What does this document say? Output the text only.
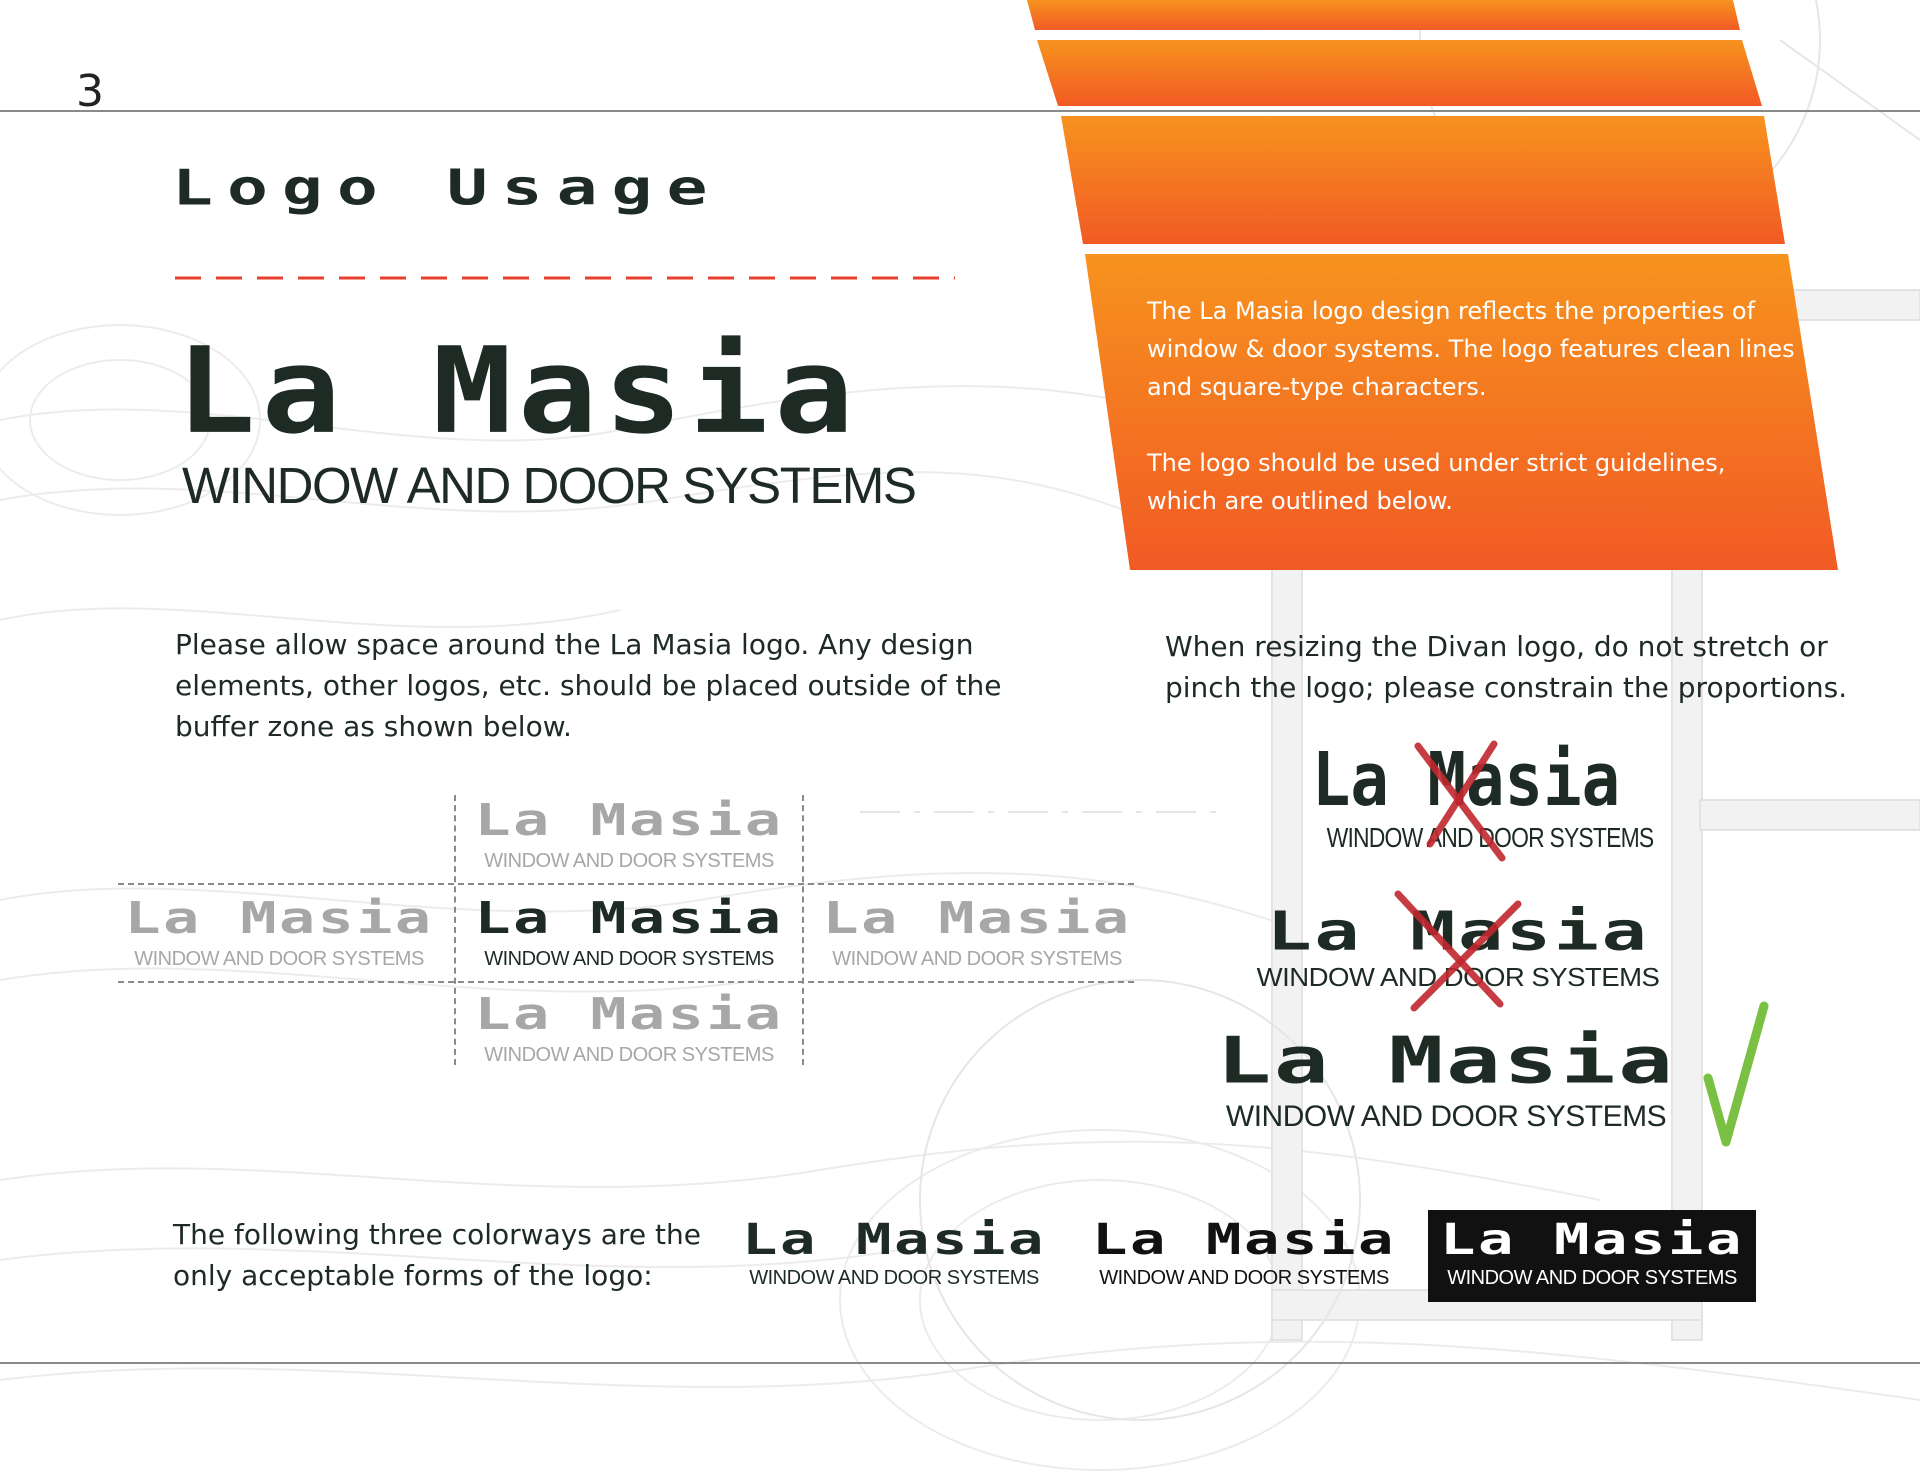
3
Logo Usage
La Masia
WINDOW AND DOOR SYSTEMS
The La Masia logo design reflects the properties of window & door systems. The logo features clean lines and square-type characters.
The logo should be used under strict guidelines, which are outlined below.
Please allow space around the La Masia logo. Any design elements, other logos, etc. should be placed outside of the buffer zone as shown below.
When resizing the Divan logo, do not stretch or pinch the logo; please constrain the proportions.
The following three colorways are the only acceptable forms of the logo:
La Masia
WINDOW AND DOOR SYSTEMS
La Masia
WINDOW AND DOOR SYSTEMS
La Masia
WINDOW AND DOOR SYSTEMS
La Masia
WINDOW AND DOOR SYSTEMS
La Masia
WINDOW AND DOOR SYSTEMS
La Masia
WINDOW AND DOOR SYSTEMS
La Masia
WINDOW AND DOOR SYSTEMS
La Masia
WINDOW AND DOOR SYSTEMS
La Masia
WINDOW AND DOOR SYSTEMS
La Masia
WINDOW AND DOOR SYSTEMS
La Masia
WINDOW AND DOOR SYSTEMS
